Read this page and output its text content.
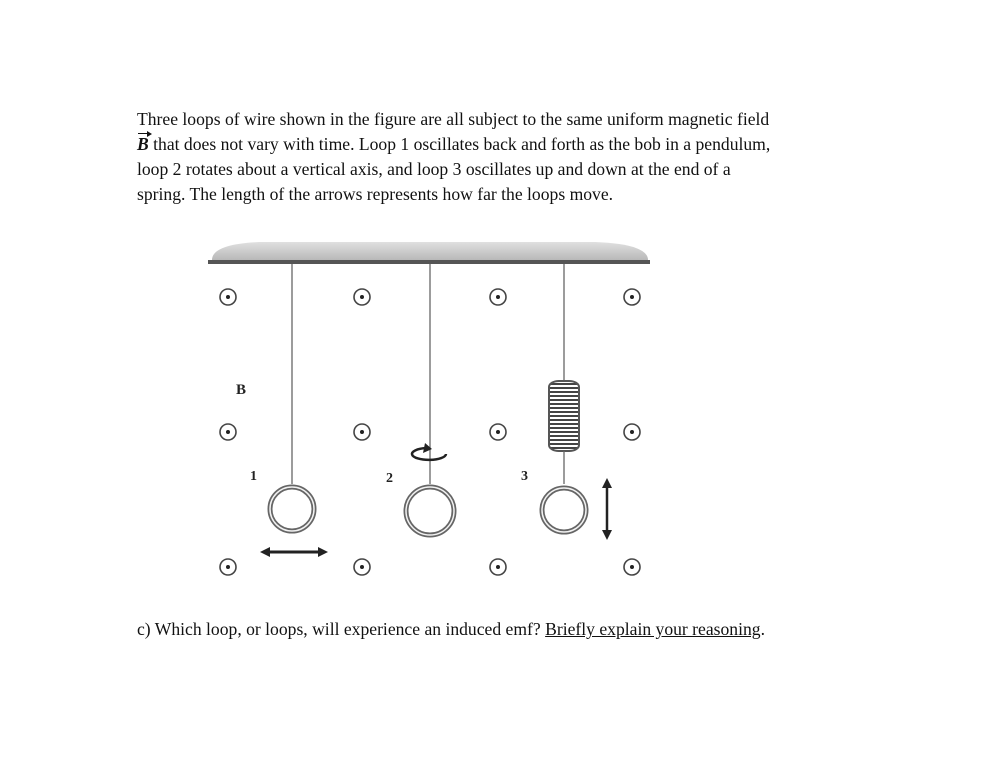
Three loops of wire shown in the figure are all subject to the same uniform magnetic field
B that does not vary with time. Loop 1 oscillates back and forth as the bob in a pendulum,
loop 2 rotates about a vertical axis, and loop 3 oscillates up and down at the end of a
spring. The length of the arrows represents how far the loops move.
B
1	2	3

c) Which loop, or loops, will experience an induced emf? Briefly explain your reasoning.
